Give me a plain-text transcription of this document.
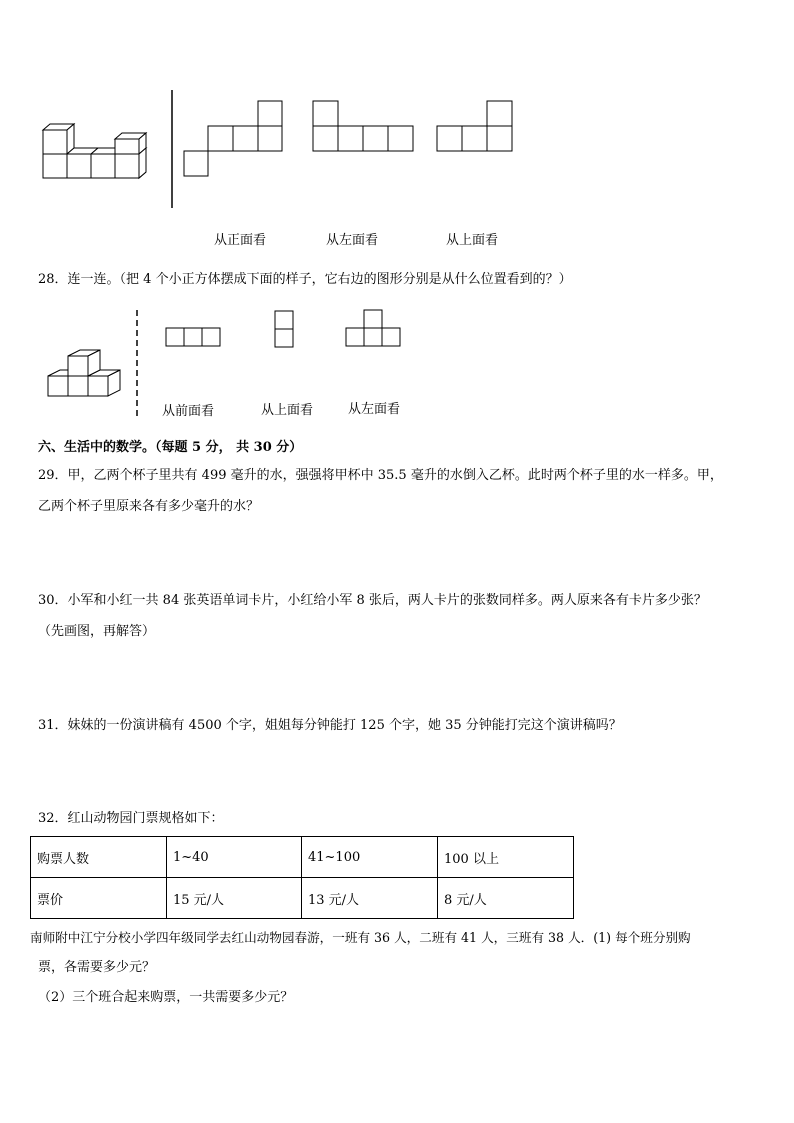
从正面看	从左面看	从上面看
28．连一连。（把 4 个小正方体摆成下面的样子，它右边的图形分别是从什么位置看到的？）
从前面看	从上面看	从左面看
六、生活中的数学。（每题 5 分， 共 30 分）
29．甲，乙两个杯子里共有 499 毫升的水，强强将甲杯中 35.5 毫升的水倒入乙杯。此时两个杯子里的水一样多。甲，
乙两个杯子里原来各有多少毫升的水？
30．小军和小红一共 84 张英语单词卡片，小红给小军 8 张后，两人卡片的张数同样多。两人原来各有卡片多少张？
（先画图，再解答）
31．妹妹的一份演讲稿有 4500 个字，姐姐每分钟能打 125 个字，她 35 分钟能打完这个演讲稿吗？
32．红山动物园门票规格如下：
购票人数	1~40	41~100	100 以上
票价	15 元/人	13 元/人	8 元/人
南师附中江宁分校小学四年级同学去红山动物园春游，一班有 36 人，二班有 41 人，三班有 38 人．(1) 每个班分别购
票，各需要多少元？
（2）三个班合起来购票，一共需要多少元？
